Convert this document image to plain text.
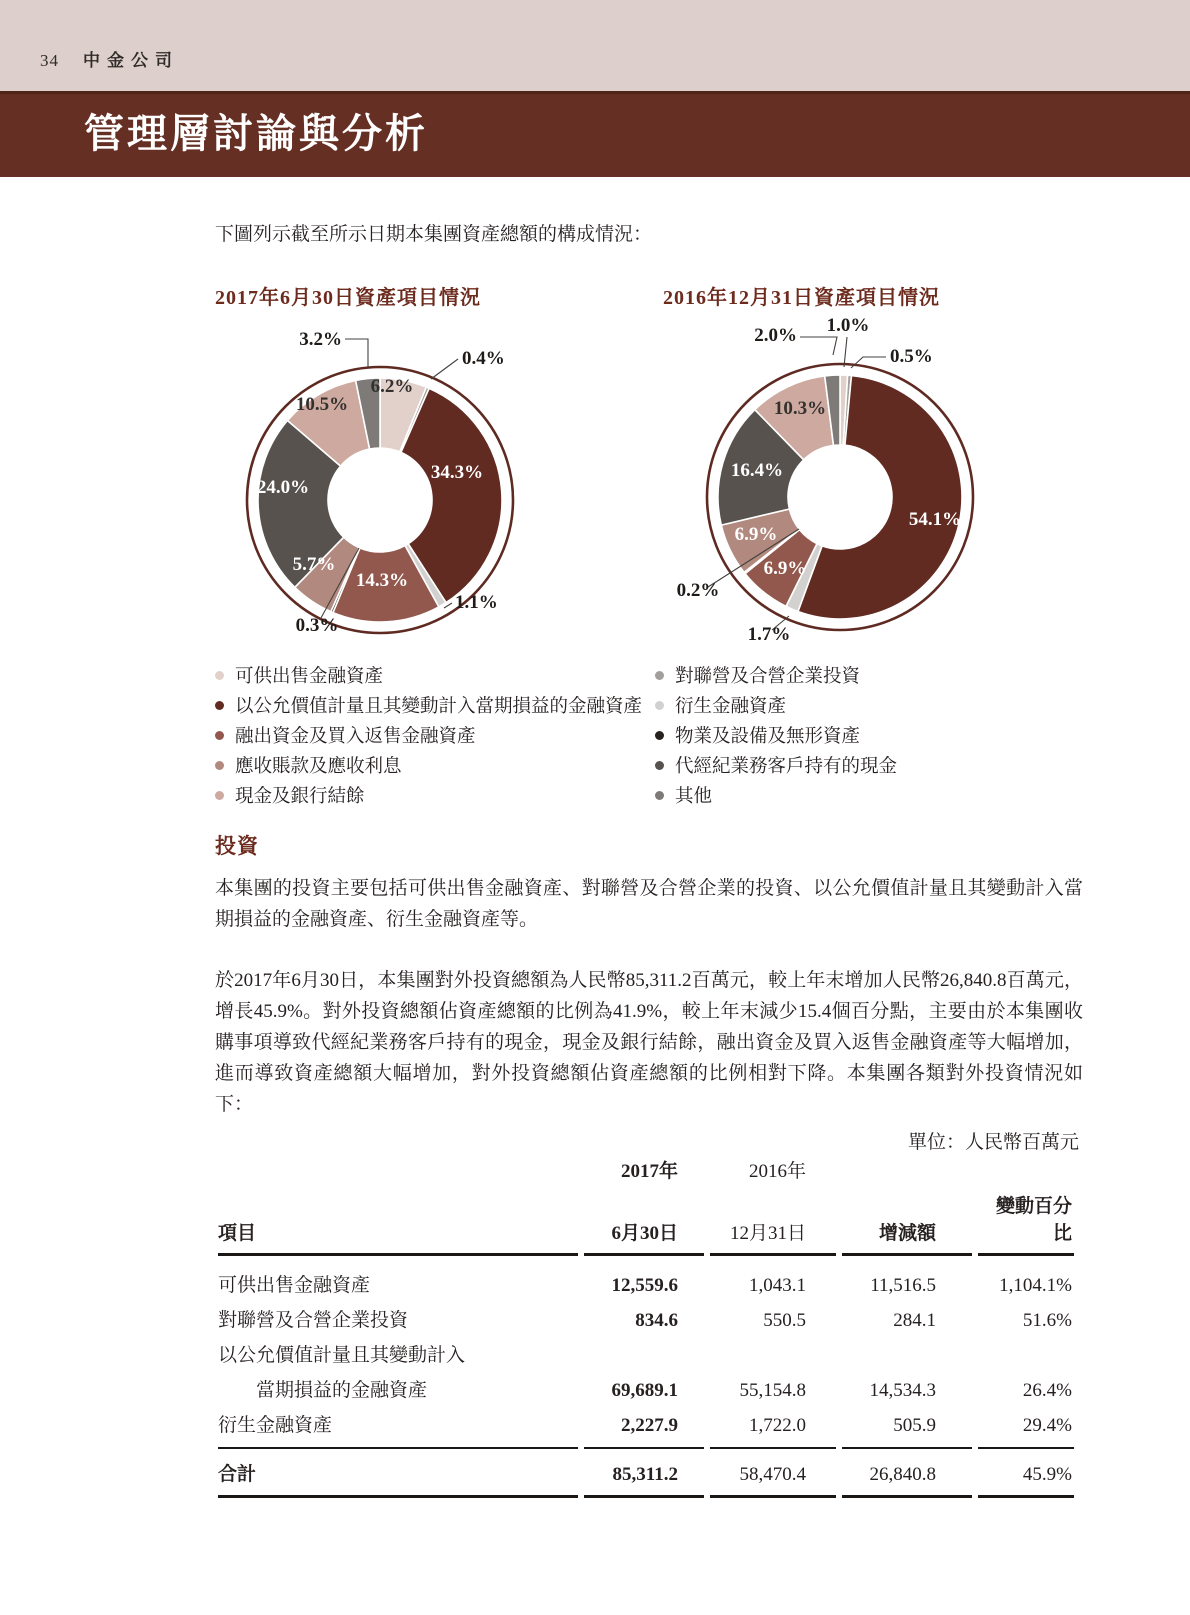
34 中金公司
管理層討論與分析

下圖列示截至所示日期本集團資產總額的構成情況：

2017年6月30日資產項目情況	2016年12月31日資產項目情況

6.2%
0.4%
34.3%
1.1%
14.3%
0.3%
5.7%
24.0%
10.5%
3.2%
1.0%
0.5%
54.1%
1.7%
6.9%
0.2%
6.9%
16.4%
10.3%
2.0%
可供出售金融資產
以公允價值計量且其變動計入當期損益的金融資產
融出資金及買入返售金融資產
應收賬款及應收利息
現金及銀行結餘
對聯營及合營企業投資
衍生金融資產
物業及設備及無形資產
代經紀業務客戶持有的現金
其他
投資

本集團的投資主要包括可供出售金融資產、對聯營及合營企業的投資、以公允價值計量且其變動計入當期損益的金融資產、衍生金融資產等。

於2017年6月30日，本集團對外投資總額為人民幣85,311.2百萬元，較上年末增加人民幣26,840.8百萬元，增長45.9%。對外投資總額佔資產總額的比例為41.9%，較上年末減少15.4個百分點，主要由於本集團收購事項導致代經紀業務客戶持有的現金，現金及銀行結餘，融出資金及買入返售金融資產等大幅增加，進而導致資產總額大幅增加，對外投資總額佔資產總額的比例相對下降。本集團各類對外投資情況如下：

單位：人民幣百萬元
	2017年	2016年		
項目	6月30日	12月31日	增減額	變動百分比
可供出售金融資產	12,559.6	1,043.1	11,516.5	1,104.1%
對聯營及合營企業投資	834.6	550.5	284.1	51.6%
以公允價值計量且其變動計入				
當期損益的金融資產	69,689.1	55,154.8	14,534.3	26.4%
衍生金融資產	2,227.9	1,722.0	505.9	29.4%
合計	85,311.2	58,470.4	26,840.8	45.9%
